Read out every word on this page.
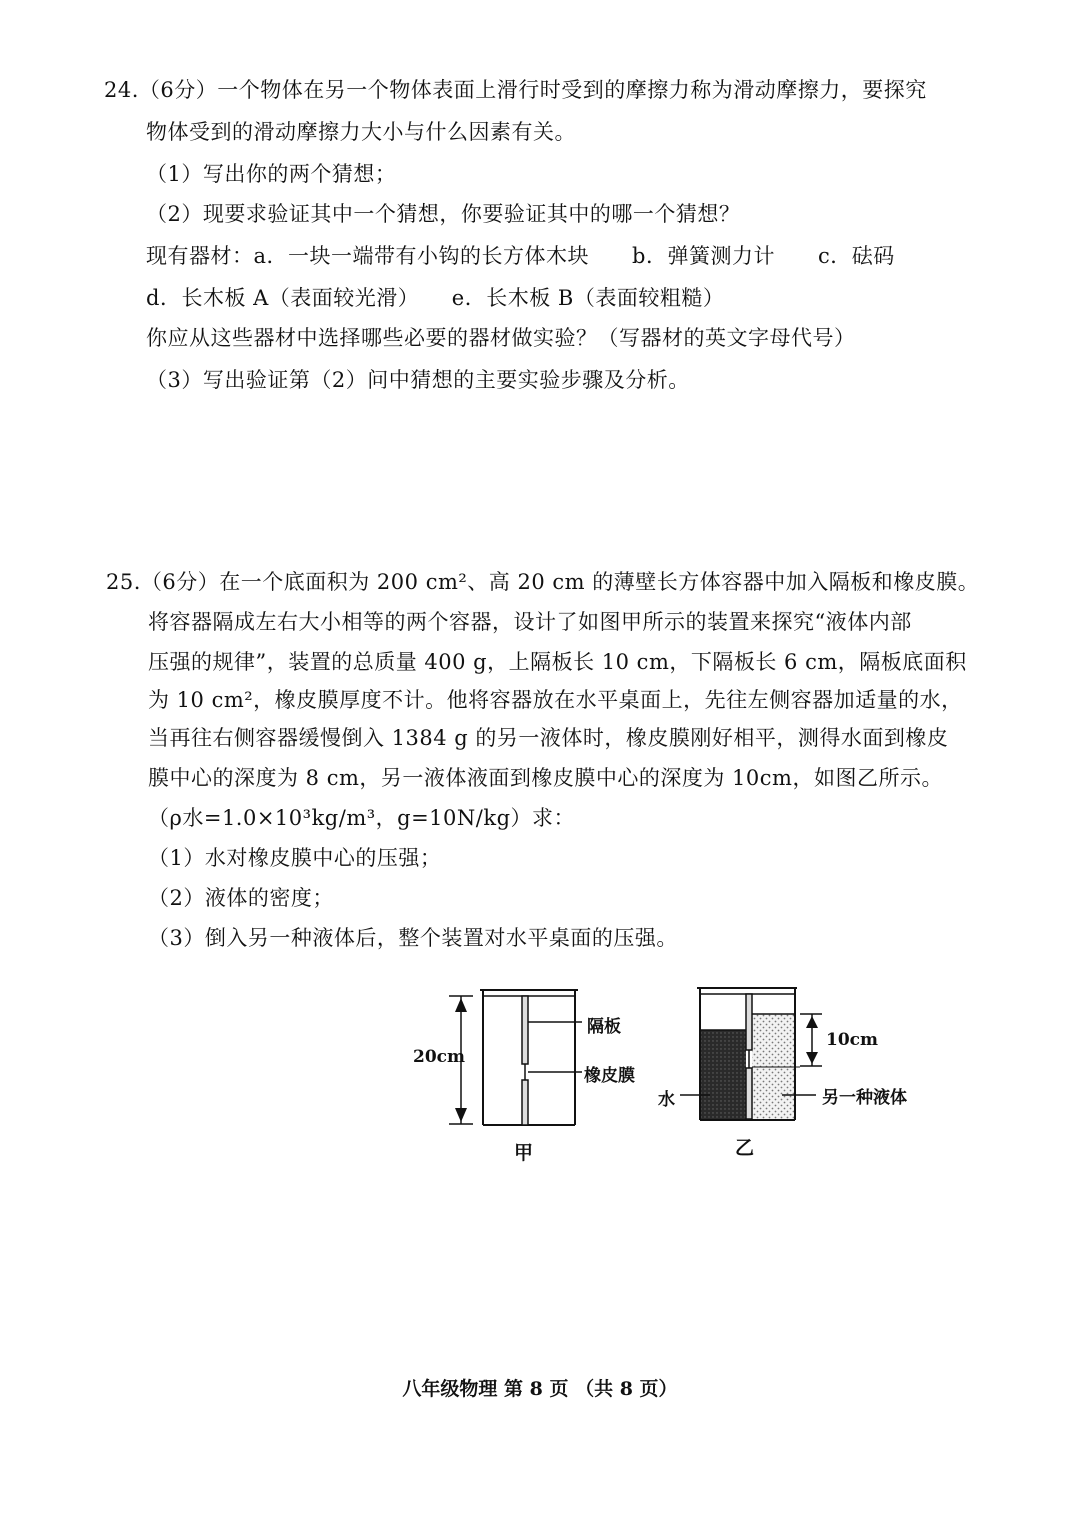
24.（6分）一个物体在另一个物体表面上滑行时受到的摩擦力称为滑动摩擦力，要探究
物体受到的滑动摩擦力大小与什么因素有关。
（1）写出你的两个猜想；
（2）现要求验证其中一个猜想，你要验证其中的哪一个猜想？
现有器材：a．一块一端带有小钩的长方体木块　　b．弹簧测力计　　c．砝码
d．长木板 A（表面较光滑）　　e．长木板 B（表面较粗糙）
你应从这些器材中选择哪些必要的器材做实验？（写器材的英文字母代号）
（3）写出验证第（2）问中猜想的主要实验步骤及分析。
25.（6分）在一个底面积为 200 cm²、高 20 cm 的薄壁长方体容器中加入隔板和橡皮膜。
将容器隔成左右大小相等的两个容器，设计了如图甲所示的装置来探究“液体内部
压强的规律”，装置的总质量 400 g，上隔板长 10 cm，下隔板长 6 cm，隔板底面积
为 10 cm²，橡皮膜厚度不计。他将容器放在水平桌面上，先往左侧容器加适量的水，
当再往右侧容器缓慢倒入 1384 g 的另一液体时，橡皮膜刚好相平，测得水面到橡皮
膜中心的深度为 8 cm，另一液体液面到橡皮膜中心的深度为 10cm，如图乙所示。
（ρ水=1.0×10³kg/m³，g=10N/kg）求：
（1）水对橡皮膜中心的压强；
（2）液体的密度；
（3）倒入另一种液体后，整个装置对水平桌面的压强。
20cm
隔板
橡皮膜
甲
10cm
水	另一种液体
乙
八年级物理 第 8 页 （共 8 页）
